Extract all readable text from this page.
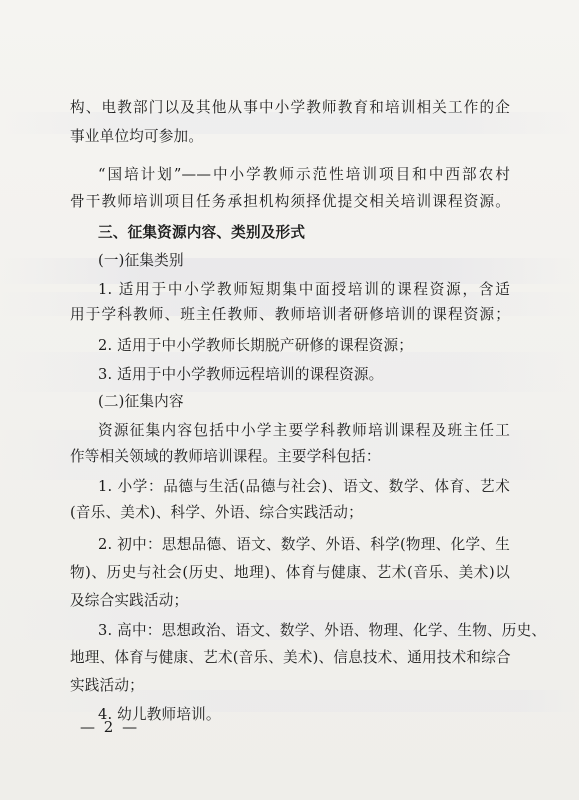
构、电教部门以及其他从事中小学教师教育和培训相关工作的企
事业单位均可参加。
“国培计划”——中小学教师示范性培训项目和中西部农村
骨干教师培训项目任务承担机构须择优提交相关培训课程资源。
三、征集资源内容、类别及形式
(一)征集类别
1. 适用于中小学教师短期集中面授培训的课程资源，含适
用于学科教师、班主任教师、教师培训者研修培训的课程资源；
2. 适用于中小学教师长期脱产研修的课程资源；
3. 适用于中小学教师远程培训的课程资源。
(二)征集内容
资源征集内容包括中小学主要学科教师培训课程及班主任工
作等相关领域的教师培训课程。主要学科包括：
1. 小学：品德与生活(品德与社会)、语文、数学、体育、艺术
(音乐、美术)、科学、外语、综合实践活动；
2. 初中：思想品德、语文、数学、外语、科学(物理、化学、生
物)、历史与社会(历史、地理)、体育与健康、艺术(音乐、美术)以
及综合实践活动；
3. 高中：思想政治、语文、数学、外语、物理、化学、生物、历史、
地理、体育与健康、艺术(音乐、美术)、信息技术、通用技术和综合
实践活动；
4. 幼儿教师培训。
— 2 —
